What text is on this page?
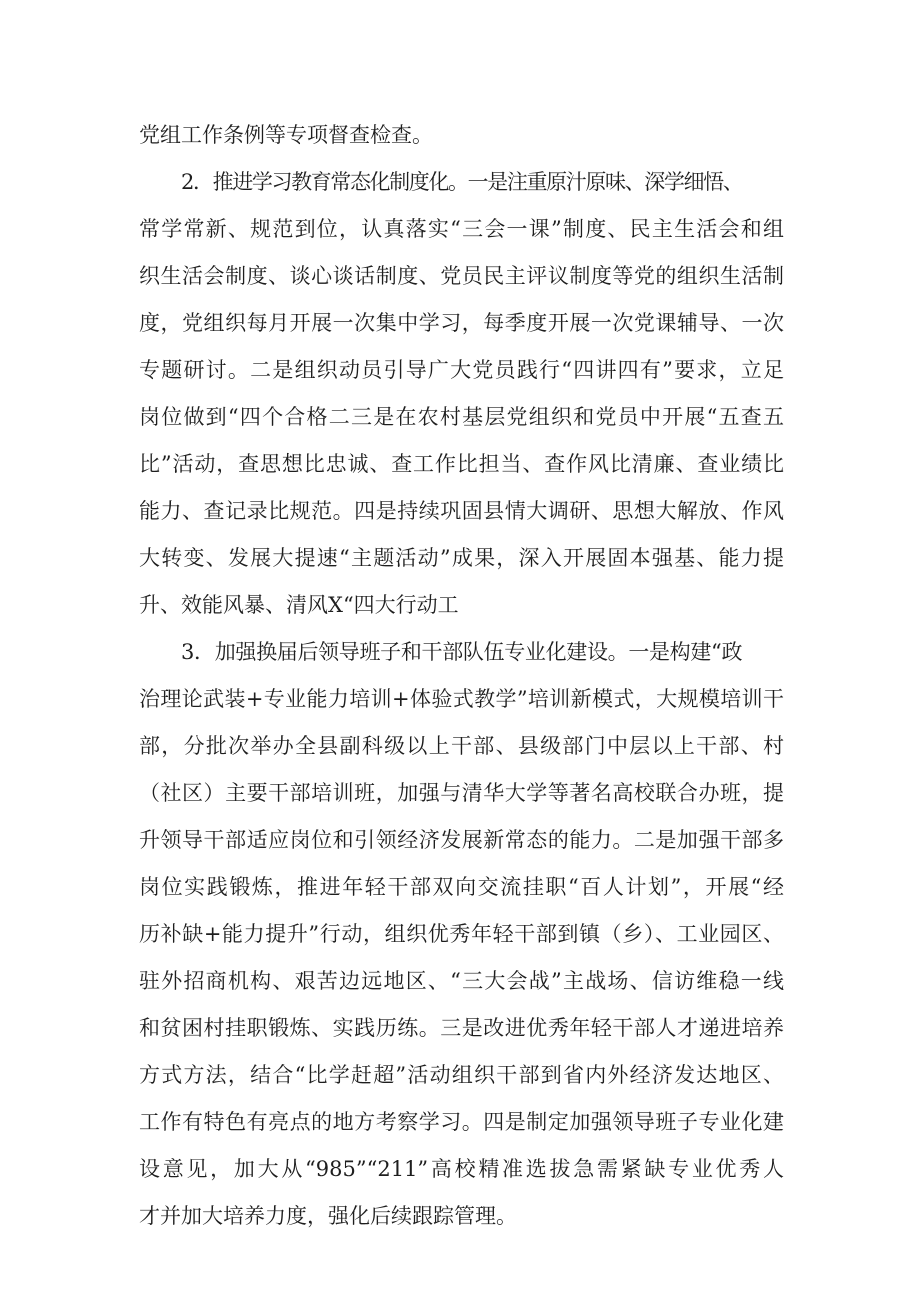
党组工作条例等专项督查检查。
2．推进学习教育常态化制度化。一是注重原汁原味、深学细悟、
常学常新、规范到位，认真落实“三会一课”制度、民主生活会和组
织生活会制度、谈心谈话制度、党员民主评议制度等党的组织生活制
度，党组织每月开展一次集中学习，每季度开展一次党课辅导、一次
专题研讨。二是组织动员引导广大党员践行“四讲四有”要求，立足
岗位做到“四个合格二三是在农村基层党组织和党员中开展“五查五
比”活动，查思想比忠诚、查工作比担当、查作风比清廉、查业绩比
能力、查记录比规范。四是持续巩固县情大调研、思想大解放、作风
大转变、发展大提速“主题活动”成果，深入开展固本强基、能力提
升、效能风暴、清风X“四大行动工
3．加强换届后领导班子和干部队伍专业化建设。一是构建“政
治理论武装+专业能力培训+体验式教学”培训新模式，大规模培训干
部，分批次举办全县副科级以上干部、县级部门中层以上干部、村
（社区）主要干部培训班，加强与清华大学等著名高校联合办班，提
升领导干部适应岗位和引领经济发展新常态的能力。二是加强干部多
岗位实践锻炼，推进年轻干部双向交流挂职“百人计划”，开展“经
历补缺+能力提升”行动，组织优秀年轻干部到镇（乡）、工业园区、
驻外招商机构、艰苦边远地区、“三大会战”主战场、信访维稳一线
和贫困村挂职锻炼、实践历练。三是改进优秀年轻干部人才递进培养
方式方法，结合“比学赶超”活动组织干部到省内外经济发达地区、
工作有特色有亮点的地方考察学习。四是制定加强领导班子专业化建
设意见，加大从“985”“211”高校精准选拔急需紧缺专业优秀人
才并加大培养力度，强化后续跟踪管理。
